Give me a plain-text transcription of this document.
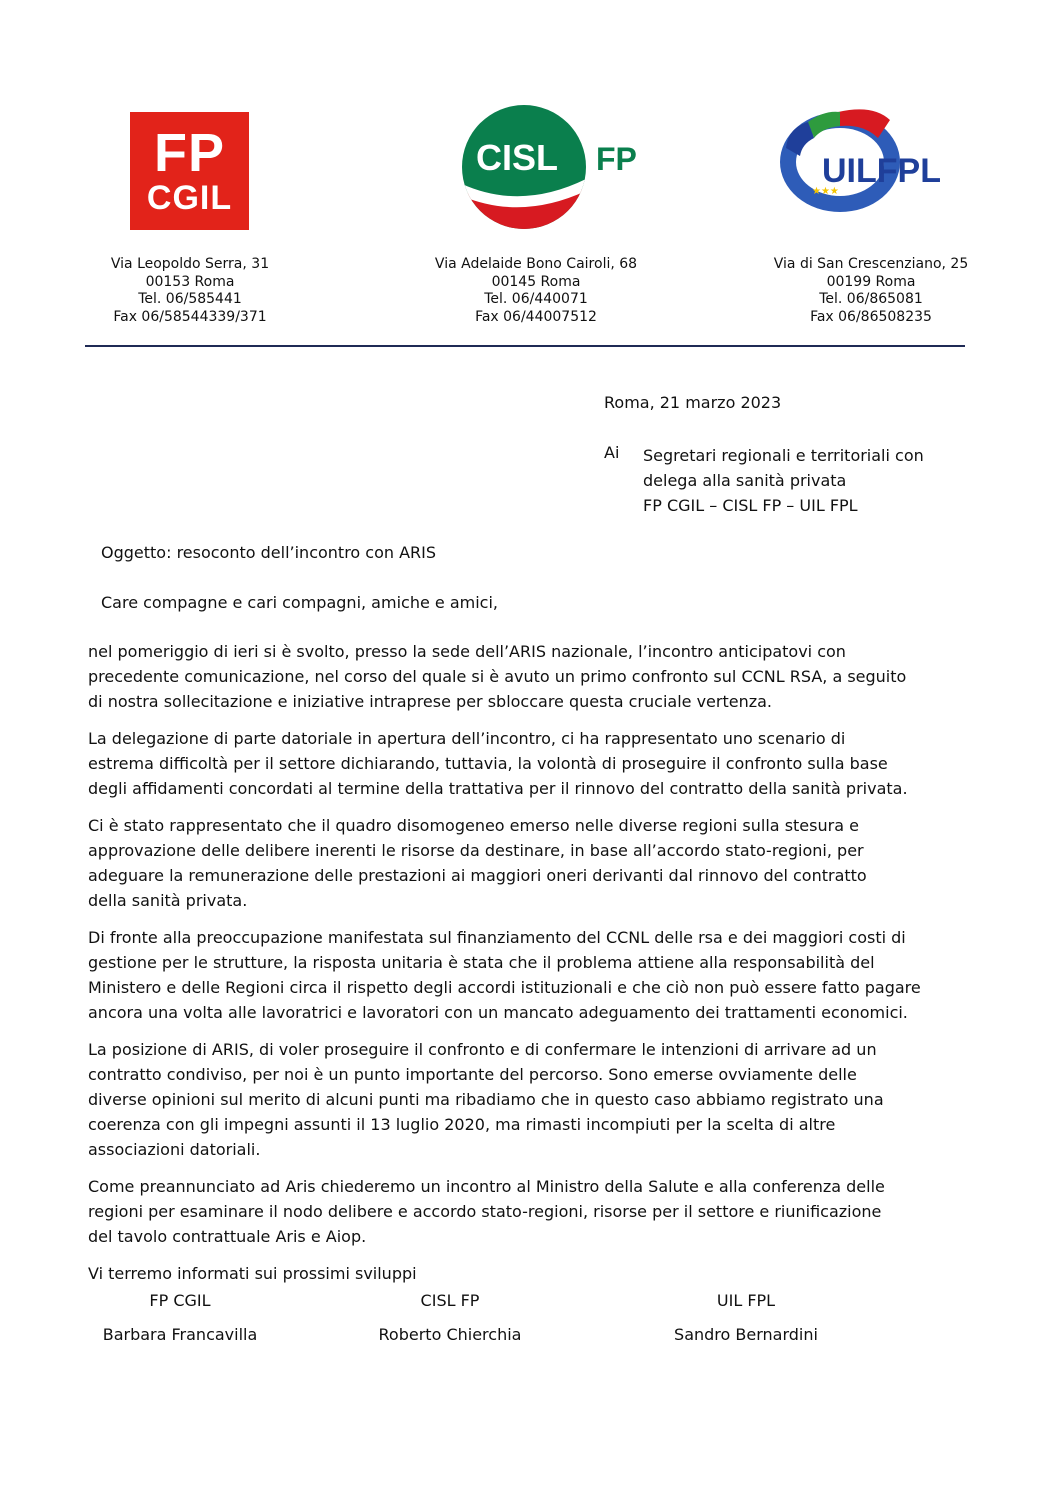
FP
CGIL
CISL FP
★★★
UILFPL
Via Leopoldo Serra, 31
00153 Roma
Tel. 06/585441
Fax 06/58544339/371
Via Adelaide Bono Cairoli, 68
00145 Roma
Tel. 06/440071
Fax 06/44007512
Via di San Crescenziano, 25
00199 Roma
Tel. 06/865081
Fax 06/86508235
Roma, 21 marzo 2023
Ai Segretari regionali e territoriali con
delega alla sanità privata
FP CGIL – CISL FP – UIL FPL
Oggetto: resoconto dell’incontro con ARIS
Care compagne e cari compagni, amiche e amici,

nel pomeriggio di ieri si è svolto, presso la sede dell’ARIS nazionale, l’incontro anticipatovi con
precedente comunicazione, nel corso del quale si è avuto un primo confronto sul CCNL RSA, a seguito
di nostra sollecitazione e iniziative intraprese per sbloccare questa cruciale vertenza.

La delegazione di parte datoriale in apertura dell’incontro, ci ha rappresentato uno scenario di
estrema difficoltà per il settore dichiarando, tuttavia, la volontà di proseguire il confronto sulla base
degli affidamenti concordati al termine della trattativa per il rinnovo del contratto della sanità privata.

Ci è stato rappresentato che il quadro disomogeneo emerso nelle diverse regioni sulla stesura e
approvazione delle delibere inerenti le risorse da destinare, in base all’accordo stato-regioni, per
adeguare la remunerazione delle prestazioni ai maggiori oneri derivanti dal rinnovo del contratto
della sanità privata.

Di fronte alla preoccupazione manifestata sul finanziamento del CCNL delle rsa e dei maggiori costi di
gestione per le strutture, la risposta unitaria è stata che il problema attiene alla responsabilità del
Ministero e delle Regioni circa il rispetto degli accordi istituzionali e che ciò non può essere fatto pagare
ancora una volta alle lavoratrici e lavoratori con un mancato adeguamento dei trattamenti economici.

La posizione di ARIS, di voler proseguire il confronto e di confermare le intenzioni di arrivare ad un
contratto condiviso, per noi è un punto importante del percorso. Sono emerse ovviamente delle
diverse opinioni sul merito di alcuni punti ma ribadiamo che in questo caso abbiamo registrato una
coerenza con gli impegni assunti il 13 luglio 2020, ma rimasti incompiuti per la scelta di altre
associazioni datoriali.

Come preannunciato ad Aris chiederemo un incontro al Ministro della Salute e alla conferenza delle
regioni per esaminare il nodo delibere e accordo stato-regioni, risorse per il settore e riunificazione
del tavolo contrattuale Aris e Aiop.

Vi terremo informati sui prossimi sviluppi

FP CGIL
Barbara Francavilla
CISL FP
Roberto Chierchia
UIL FPL
Sandro Bernardini
